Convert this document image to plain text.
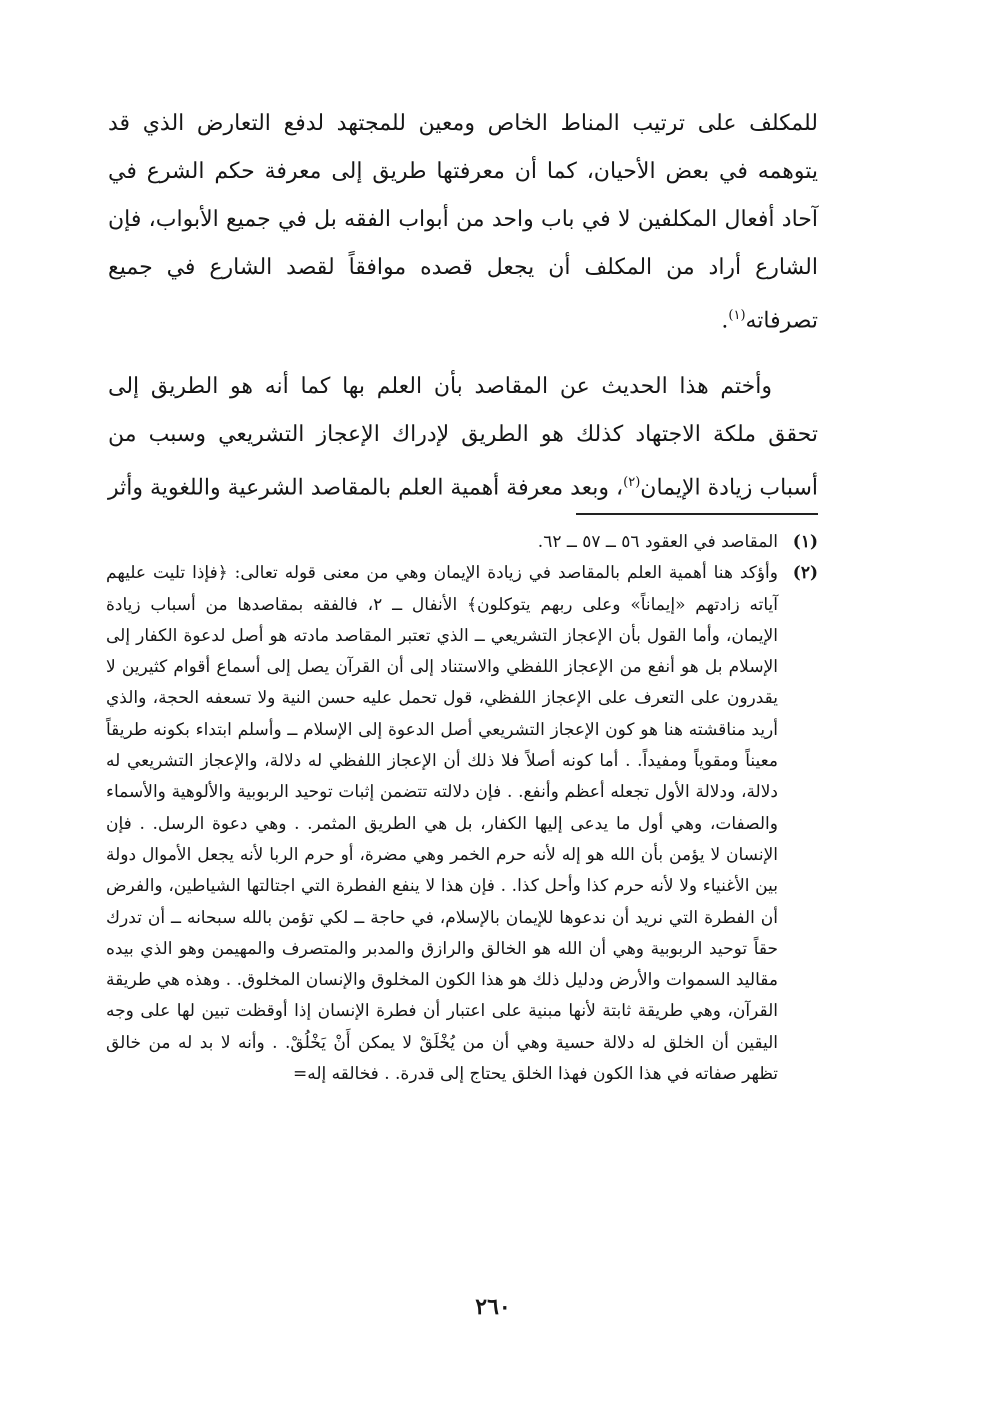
للمكلف على ترتيب المناط الخاص ومعين للمجتهد لدفع التعارض الذي قد يتوهمه في بعض الأحيان، كما أن معرفتها طريق إلى معرفة حكم الشرع في آحاد أفعال المكلفين لا في باب واحد من أبواب الفقه بل في جميع الأبواب، فإن الشارع أراد من المكلف أن يجعل قصده موافقاً لقصد الشارع في جميع تصرفاته$^{(١)}$.

وأختم هذا الحديث عن المقاصد بأن العلم بها كما أنه هو الطريق إلى تحقق ملكة الاجتهاد كذلك هو الطريق لإدراك الإعجاز التشريعي وسبب من أسباب زيادة الإيمان$^{(٢)}$، وبعد معرفة أهمية العلم بالمقاصد الشرعية واللغوية وأثر

(١)
المقاصد في العقود ٥٦ ــ ٥٧ ــ ٦٢.

(٢)
وأؤكد هنا أهمية العلم بالمقاصد في زيادة الإيمان وهي من معنى قوله تعالى: ﴿فإذا تليت عليهم آياته زادتهم «إيماناً» وعلى ربهم يتوكلون﴾ الأنفال ــ ٢، فالفقه بمقاصدها من أسباب زيادة الإيمان، وأما القول بأن الإعجاز التشريعي ــ الذي تعتبر المقاصد مادته هو أصل لدعوة الكفار إلى الإسلام بل هو أنفع من الإعجاز اللفظي والاستناد إلى أن القرآن يصل إلى أسماع أقوام كثيرين لا يقدرون على التعرف على الإعجاز اللفظي، قول تحمل عليه حسن النية ولا تسعفه الحجة، والذي أريد مناقشته هنا هو كون الإعجاز التشريعي أصل الدعوة إلى الإسلام ــ وأسلم ابتداء بكونه طريقاً معيناً ومقوياً ومفيداً. . أما كونه أصلاً فلا ذلك أن الإعجاز اللفظي له دلالة، والإعجاز التشريعي له دلالة، ودلالة الأول تجعله أعظم وأنفع. . فإن دلالته تتضمن إثبات توحيد الربوبية والألوهية والأسماء والصفات، وهي أول ما يدعى إليها الكفار، بل هي الطريق المثمر. . وهي دعوة الرسل. . فإن الإنسان لا يؤمن بأن الله هو إله لأنه حرم الخمر وهي مضرة، أو حرم الربا لأنه يجعل الأموال دولة بين الأغنياء ولا لأنه حرم كذا وأحل كذا. . فإن هذا لا ينفع الفطرة التي اجتالتها الشياطين، والفرض أن الفطرة التي نريد أن ندعوها للإيمان بالإسلام، في حاجة ــ لكي تؤمن بالله سبحانه ــ أن تدرك حقاً توحيد الربوبية وهي أن الله هو الخالق والرازق والمدبر والمتصرف والمهيمن وهو الذي بيده مقاليد السموات والأرض ودليل ذلك هو هذا الكون المخلوق والإنسان المخلوق. . وهذه هي طريقة القرآن، وهي طريقة ثابتة لأنها مبنية على اعتبار أن فطرة الإنسان إذا أوقظت تبين لها على وجه اليقين أن الخلق له دلالة حسية وهي أن من يُخْلَقْ لا يمكن أَنْ يَخْلُقْ. . وأنه لا بد له من خالق تظهر صفاته في هذا الكون فهذا الخلق يحتاج إلى قدرة. . فخالقه إله=

٢٦٠
